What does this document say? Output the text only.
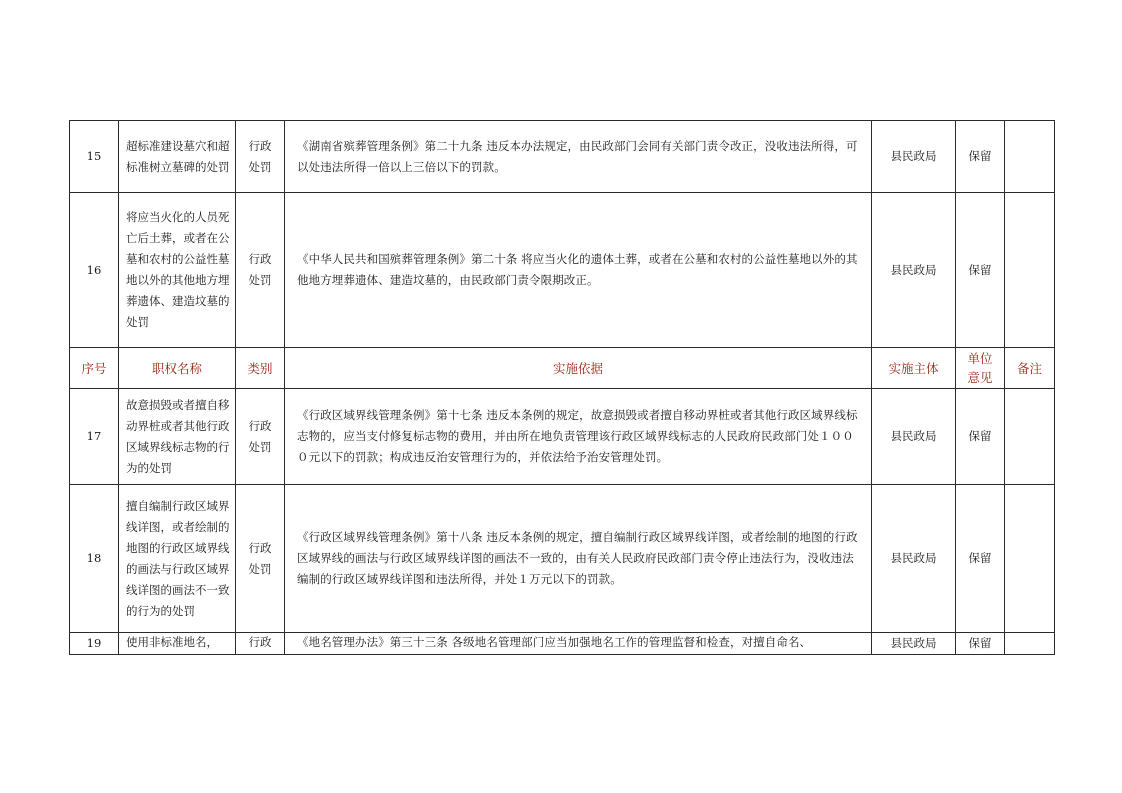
15	超标准建设墓穴和超标准树立墓碑的处罚	行政处罚	《湖南省殡葬管理条例》第二十九条 违反本办法规定，由民政部门会同有关部门责令改正，没收违法所得，可以处违法所得一倍以上三倍以下的罚款。	县民政局	保留	
16	将应当火化的人员死亡后土葬，或者在公墓和农村的公益性墓地以外的其他地方埋葬遗体、建造坟墓的处罚	行政处罚	《中华人民共和国殡葬管理条例》第二十条 将应当火化的遗体土葬，或者在公墓和农村的公益性墓地以外的其他地方埋葬遗体、建造坟墓的，由民政部门责令限期改正。	县民政局	保留	
序号	职权名称	类别	实施依据	实施主体	单位意见	备注
17	故意损毁或者擅自移动界桩或者其他行政区域界线标志物的行为的处罚	行政处罚	《行政区域界线管理条例》第十七条 违反本条例的规定，故意损毁或者擅自移动界桩或者其他行政区域界线标志物的，应当支付修复标志物的费用，并由所在地负责管理该行政区域界线标志的人民政府民政部门处１０００元以下的罚款；构成违反治安管理行为的，并依法给予治安管理处罚。	县民政局	保留	
18	擅自编制行政区域界线详图，或者绘制的地图的行政区域界线的画法与行政区域界线详图的画法不一致的行为的处罚	行政处罚	《行政区域界线管理条例》第十八条 违反本条例的规定，擅自编制行政区域界线详图，或者绘制的地图的行政区域界线的画法与行政区域界线详图的画法不一致的，由有关人民政府民政部门责令停止违法行为，没收违法编制的行政区域界线详图和违法所得，并处１万元以下的罚款。	县民政局	保留	
19	使用非标准地名，	行政	《地名管理办法》第三十三条 各级地名管理部门应当加强地名工作的管理监督和检查，对擅自命名、	县民政局	保留	
